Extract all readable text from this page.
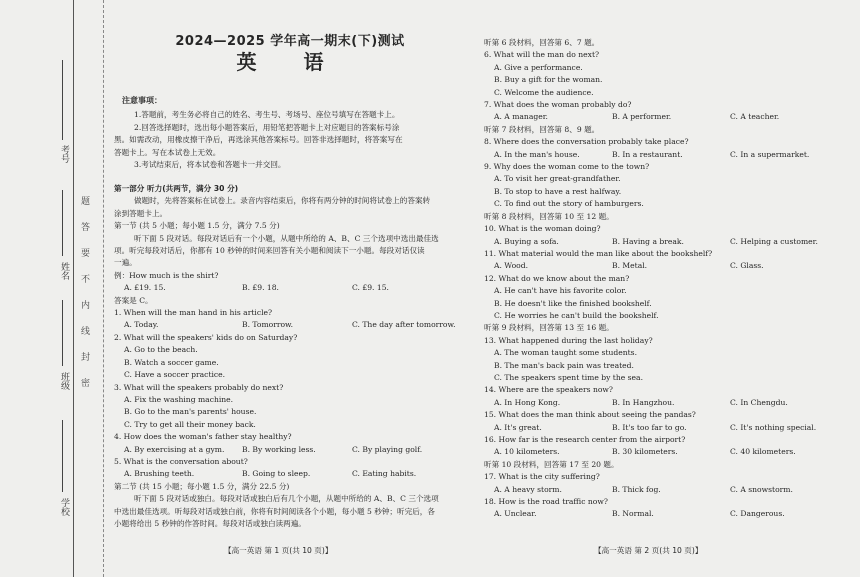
考号
姓名
班级
学校
题
答
要
不
内
线
封
密
2024—2025 学年高一期末(下)测试
英 语
注意事项：
1.答题前，考生务必将自己的姓名、考生号、考场号、座位号填写在答题卡上。
2.回答选择题时，选出每小题答案后，用铅笔把答题卡上对应题目的答案标号涂
黑。如需改动，用橡皮擦干净后，再选涂其他答案标号。回答非选择题时，将答案写在
答题卡上。写在本试卷上无效。
3.考试结束后，将本试卷和答题卡一并交回。
第一部分 听力(共两节，满分 30 分)
做题时，先将答案标在试卷上。录音内容结束后，你将有两分钟的时间将试卷上的答案转
涂到答题卡上。
第一节 (共 5 小题；每小题 1.5 分，满分 7.5 分)
听下面 5 段对话。每段对话后有一个小题，从题中所给的 A、B、C 三个选项中选出最佳选
项。听完每段对话后，你都有 10 秒钟的时间来回答有关小题和阅读下一小题。每段对话仅读
一遍。
例：How much is the shirt?
A. £19. 15.	B. £9. 18.	C. £9. 15.
答案是 C。
1. When will the man hand in his article?
A. Today.	B. Tomorrow.	C. The day after tomorrow.
2. What will the speakers' kids do on Saturday?
A. Go to the beach.
B. Watch a soccer game.
C. Have a soccer practice.
3. What will the speakers probably do next?
A. Fix the washing machine.
B. Go to the man's parents' house.
C. Try to get all their money back.
4. How does the woman's father stay healthy?
A. By exercising at a gym.	B. By working less.	C. By playing golf.
5. What is the conversation about?
A. Brushing teeth.	B. Going to sleep.	C. Eating habits.
第二节 (共 15 小题；每小题 1.5 分，满分 22.5 分)
听下面 5 段对话或独白。每段对话或独白后有几个小题，从题中所给的 A、B、C 三个选项
中选出最佳选项。听每段对话或独白前，你将有时间阅读各个小题，每小题 5 秒钟；听完后，各
小题将给出 5 秒钟的作答时间。每段对话或独白读两遍。
【高一英语 第 1 页(共 10 页)】
听第 6 段材料，回答第 6、7 题。
6. What will the man do next?
A. Give a performance.
B. Buy a gift for the woman.
C. Welcome the audience.
7. What does the woman probably do?
A. A manager.	B. A performer.	C. A teacher.
听第 7 段材料，回答第 8、9 题。
8. Where does the conversation probably take place?
A. In the man's house.	B. In a restaurant.	C. In a supermarket.
9. Why does the woman come to the town?
A. To visit her great-grandfather.
B. To stop to have a rest halfway.
C. To find out the story of hamburgers.
听第 8 段材料，回答第 10 至 12 题。
10. What is the woman doing?
A. Buying a sofa.	B. Having a break.	C. Helping a customer.
11. What material would the man like about the bookshelf?
A. Wood.	B. Metal.	C. Glass.
12. What do we know about the man?
A. He can't have his favorite color.
B. He doesn't like the finished bookshelf.
C. He worries he can't build the bookshelf.
听第 9 段材料，回答第 13 至 16 题。
13. What happened during the last holiday?
A. The woman taught some students.
B. The man's back pain was treated.
C. The speakers spent time by the sea.
14. Where are the speakers now?
A. In Hong Kong.	B. In Hangzhou.	C. In Chengdu.
15. What does the man think about seeing the pandas?
A. It's great.	B. It's too far to go.	C. It's nothing special.
16. How far is the research center from the airport?
A. 10 kilometers.	B. 30 kilometers.	C. 40 kilometers.
听第 10 段材料，回答第 17 至 20 题。
17. What is the city suffering?
A. A heavy storm.	B. Thick fog.	C. A snowstorm.
18. How is the road traffic now?
A. Unclear.	B. Normal.	C. Dangerous.
【高一英语 第 2 页(共 10 页)】
